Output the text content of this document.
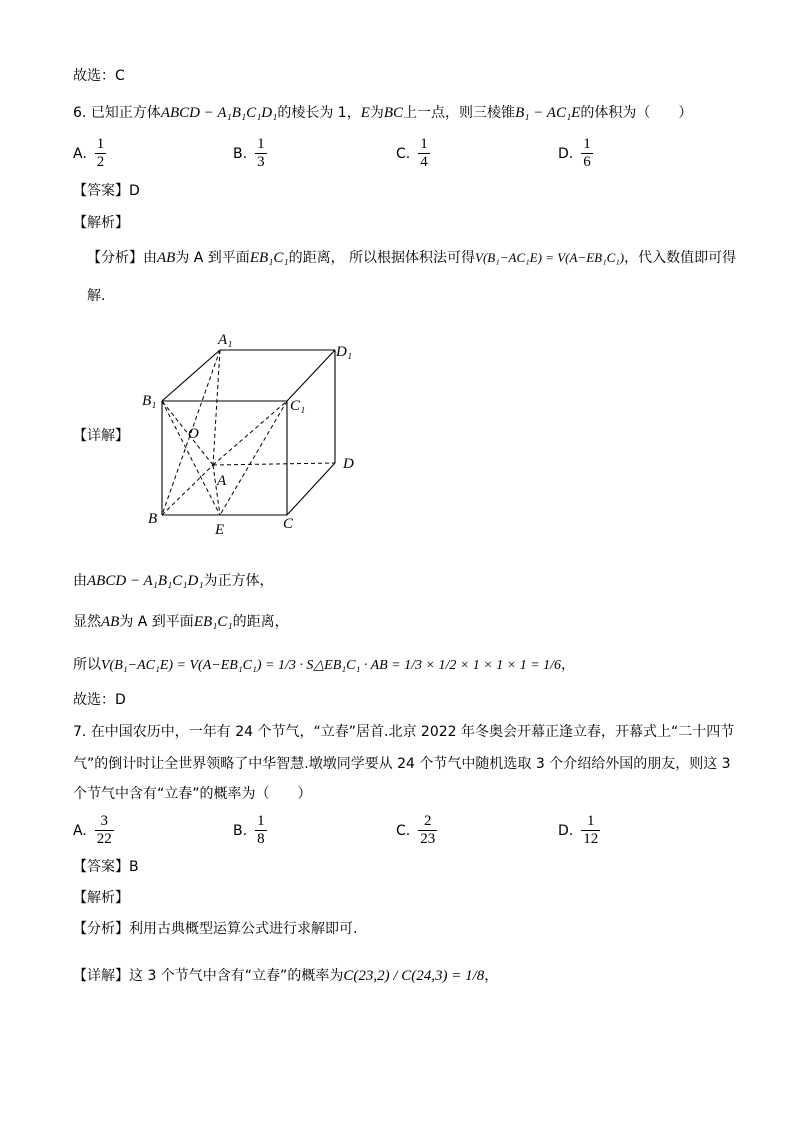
故选：C
6. 已知正方体ABCD − A₁B₁C₁D₁的棱长为 1，E为BC上一点，则三棱锥B₁ − AC₁E的体积为（　　）
A. $\frac{1}{2}$	B. $\frac{1}{3}$	C. $\frac{1}{4}$	D. $\frac{1}{6}$
【答案】D
【解析】
【分析】由AB为 A 到平面EB₁C₁的距离， 所以根据体积法可得V(B₁−AC₁E) = V(A−EB₁C₁)，代入数值即可得
解.
【详解】
A₁
D₁
B₁	C₁
O
D
A
B
E	C
由ABCD − A₁B₁C₁D₁为正方体，
显然AB为 A 到平面EB₁C₁的距离，
所以V(B₁−AC₁E) = V(A−EB₁C₁) = 1/3 · S△EB₁C₁ · AB = 1/3 × 1/2 × 1 × 1 × 1 = 1/6，
故选：D
7. 在中国农历中，一年有 24 个节气，“立春”居首.北京 2022 年冬奥会开幕正逢立春，开幕式上“二十四节
气”的倒计时让全世界领略了中华智慧.墩墩同学要从 24 个节气中随机选取 3 个介绍给外国的朋友，则这 3
个节气中含有“立春”的概率为（　　）
A. $\frac{3}{22}$	B. $\frac{1}{8}$	C. $\frac{2}{23}$	D. $\frac{1}{12}$
【答案】B
【解析】
【分析】利用古典概型运算公式进行求解即可.
【详解】这 3 个节气中含有“立春”的概率为C(23,2) / C(24,3) = 1/8，
